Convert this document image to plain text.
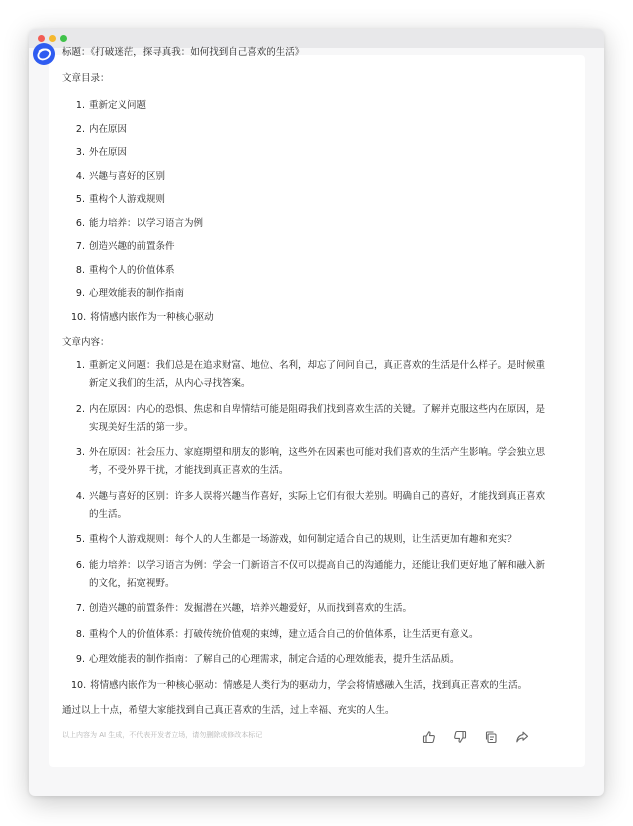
标题：《打破迷茫，探寻真我：如何找到自己喜欢的生活》
文章目录：
1. 重新定义问题
2. 内在原因
3. 外在原因
4. 兴趣与喜好的区别
5. 重构个人游戏规则
6. 能力培养：以学习语言为例
7. 创造兴趣的前置条件
8. 重构个人的价值体系
9. 心理效能表的制作指南
10. 将情感内嵌作为一种核心驱动
文章内容：
1. 重新定义问题：我们总是在追求财富、地位、名利，却忘了问问自己，真正喜欢的生活是什么样子。是时候重新定义我们的生活，从内心寻找答案。
2. 内在原因：内心的恐惧、焦虑和自卑情结可能是阻碍我们找到喜欢生活的关键。了解并克服这些内在原因，是实现美好生活的第一步。
3. 外在原因：社会压力、家庭期望和朋友的影响，这些外在因素也可能对我们喜欢的生活产生影响。学会独立思考，不受外界干扰，才能找到真正喜欢的生活。
4. 兴趣与喜好的区别：许多人误将兴趣当作喜好，实际上它们有很大差别。明确自己的喜好，才能找到真正喜欢的生活。
5. 重构个人游戏规则：每个人的人生都是一场游戏，如何制定适合自己的规则，让生活更加有趣和充实？
6. 能力培养：以学习语言为例：学会一门新语言不仅可以提高自己的沟通能力，还能让我们更好地了解和融入新的文化，拓宽视野。
7. 创造兴趣的前置条件：发掘潜在兴趣，培养兴趣爱好，从而找到喜欢的生活。
8. 重构个人的价值体系：打破传统价值观的束缚，建立适合自己的价值体系，让生活更有意义。
9. 心理效能表的制作指南：了解自己的心理需求，制定合适的心理效能表，提升生活品质。
10. 将情感内嵌作为一种核心驱动：情感是人类行为的驱动力，学会将情感融入生活，找到真正喜欢的生活。
通过以上十点，希望大家能找到自己真正喜欢的生活，过上幸福、充实的人生。
以上内容为 AI 生成，不代表开发者立场，请勿删除或修改本标记
